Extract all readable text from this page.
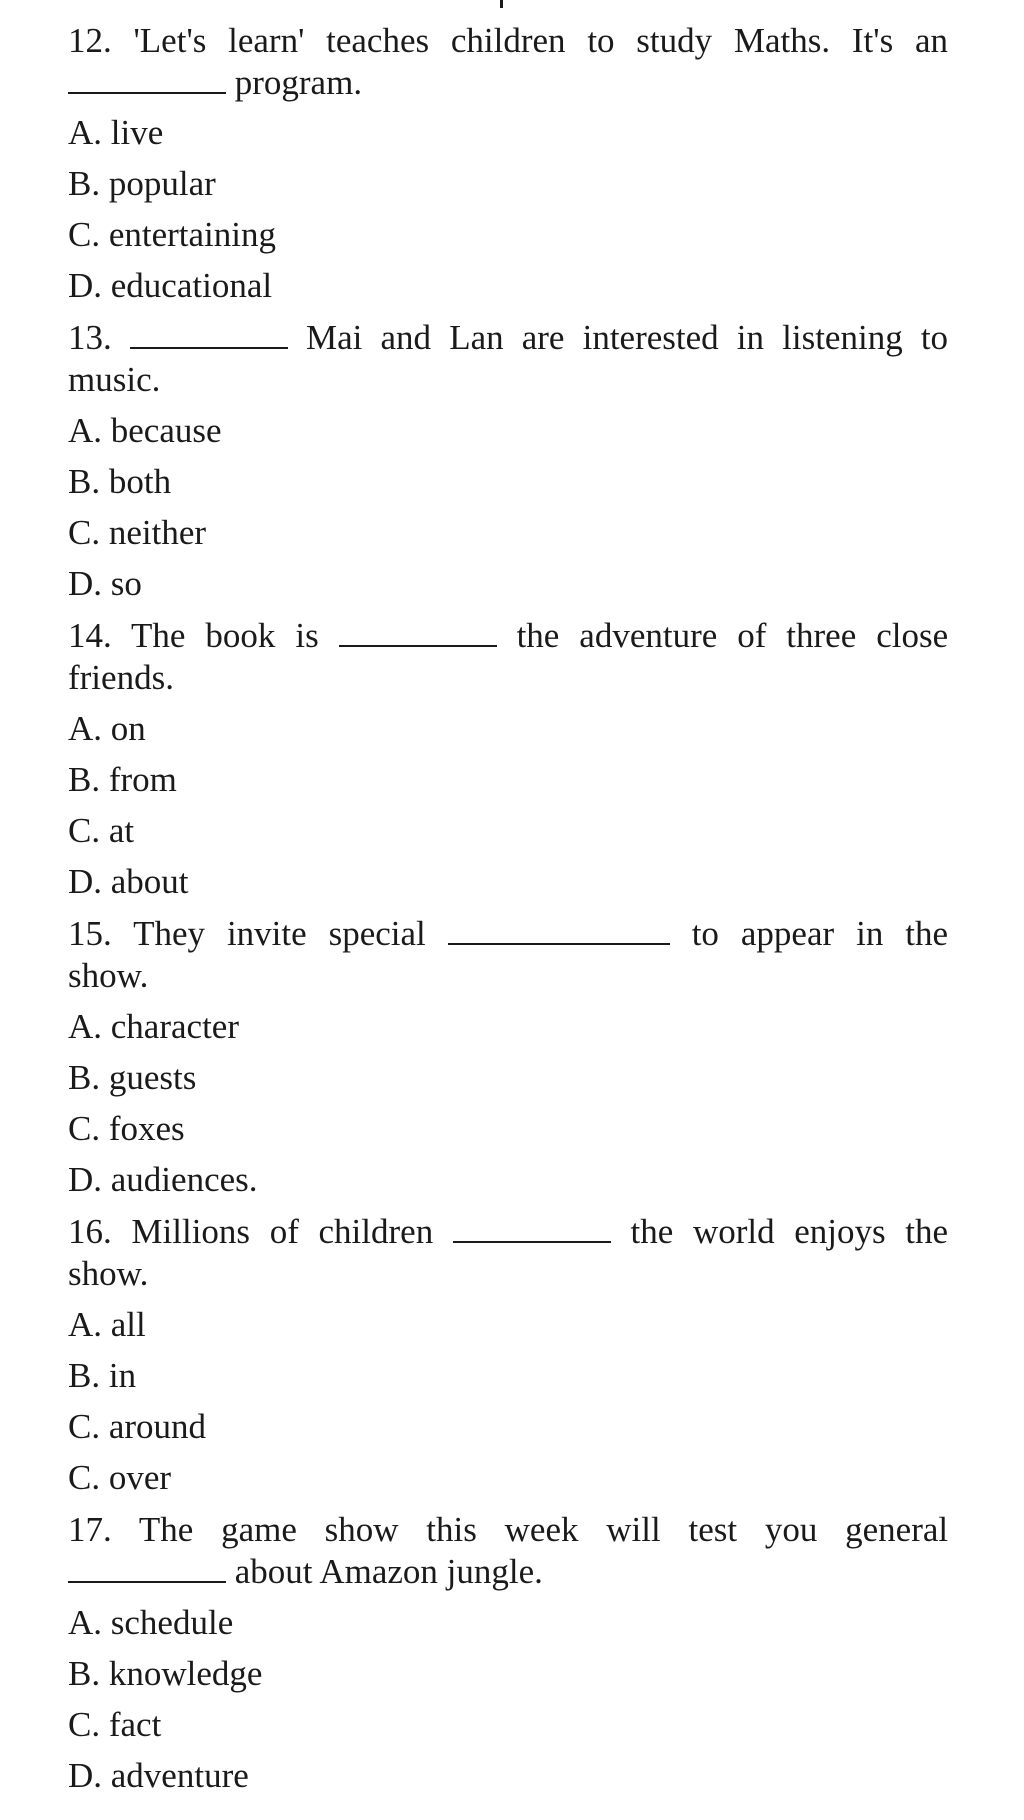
12. 'Let's learn' teaches children to study Maths. It's an
program.
A. live
B. popular
C. entertaining
D. educational
13.	Mai and Lan are interested in listening to
music.
A. because
B. both
C. neither
D. so
14. The book is	the adventure of three close
friends.
A. on
B. from
C. at
D. about
15. They invite special	to appear in the
show.
A. character
B. guests
C. foxes
D. audiences.
16. Millions of children	the world enjoys the
show.
A. all
B. in
C. around
C. over
17. The game show this week will test you general
about Amazon jungle.
A. schedule
B. knowledge
C. fact
D. adventure
